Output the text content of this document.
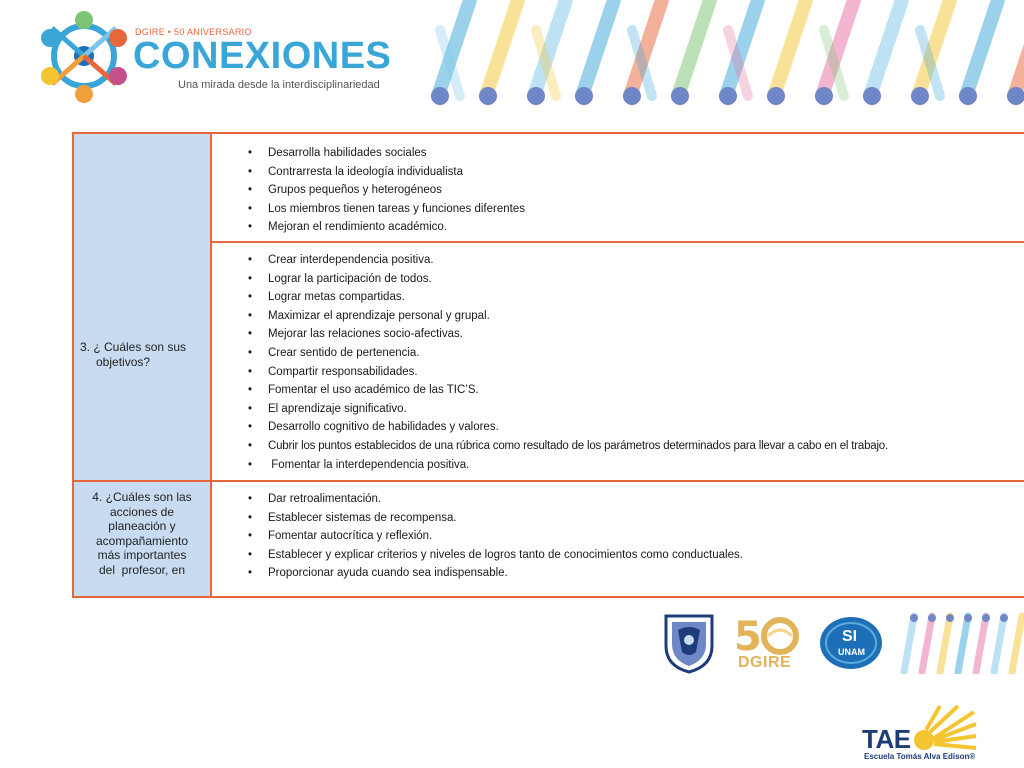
DGIRE • 50 ANIVERSARIO
CONEXIONES
Una mirada desde la interdisciplinariedad
• Desarrolla habilidades sociales
• Contrarresta la ideología individualista
• Grupos pequeños y heterogéneos
• Los miembros tienen tareas y funciones diferentes
• Mejoran el rendimiento académico.
3. ¿ Cuáles son sus
objetivos?
• Crear interdependencia positiva.
• Lograr la participación de todos.
• Lograr metas compartidas.
• Maximizar el aprendizaje personal y grupal.
• Mejorar las relaciones socio-afectivas.
• Crear sentido de pertenencia.
• Compartir responsabilidades.
• Fomentar el uso académico de las TIC’S.
• El aprendizaje significativo.
• Desarrollo cognitivo de habilidades y valores.
• Cubrir los puntos establecidos de una rúbrica como resultado de los parámetros determinados para llevar a cabo en el trabajo.
•  Fomentar la interdependencia positiva.
4. ¿Cuáles son las
acciones de
planeación y
acompañamiento
más importantes
del  profesor, en
• Dar retroalimentación.
• Establecer sistemas de recompensa.
• Fomentar autocrítica y reflexión.
• Establecer y explicar criterios y niveles de logros tanto de conocimientos como conductuales.
• Proporcionar ayuda cuando sea indispensable.
5
DGIRE
SI
UNAM
TAE
Escuela Tomás Alva Edison®
